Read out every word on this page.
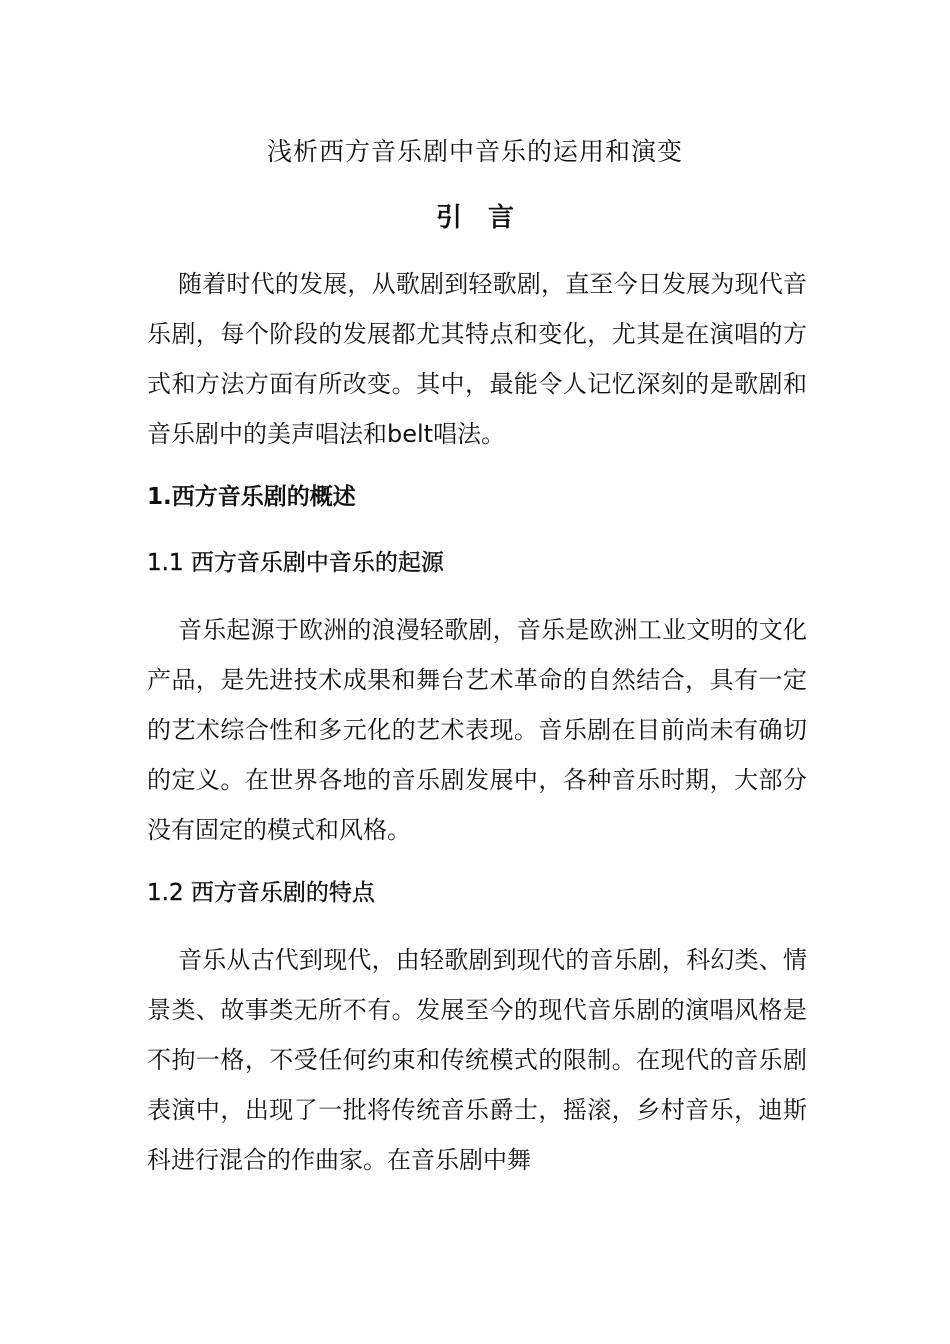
浅析西方音乐剧中音乐的运用和演变
引言
随着时代的发展，从歌剧到轻歌剧，直至今日发展为现代音乐剧，每个阶段的发展都尤其特点和变化，尤其是在演唱的方式和方法方面有所改变。其中，最能令人记忆深刻的是歌剧和音乐剧中的美声唱法和belt唱法。
1.西方音乐剧的概述
1.1 西方音乐剧中音乐的起源
音乐起源于欧洲的浪漫轻歌剧，音乐是欧洲工业文明的文化产品，是先进技术成果和舞台艺术革命的自然结合，具有一定的艺术综合性和多元化的艺术表现。音乐剧在目前尚未有确切的定义。在世界各地的音乐剧发展中，各种音乐时期，大部分没有固定的模式和风格。
1.2 西方音乐剧的特点
音乐从古代到现代，由轻歌剧到现代的音乐剧，科幻类、情景类、故事类无所不有。发展至今的现代音乐剧的演唱风格是不拘一格，不受任何约束和传统模式的限制。在现代的音乐剧表演中，出现了一批将传统音乐爵士，摇滚，乡村音乐，迪斯科进行混合的作曲家。在音乐剧中舞
